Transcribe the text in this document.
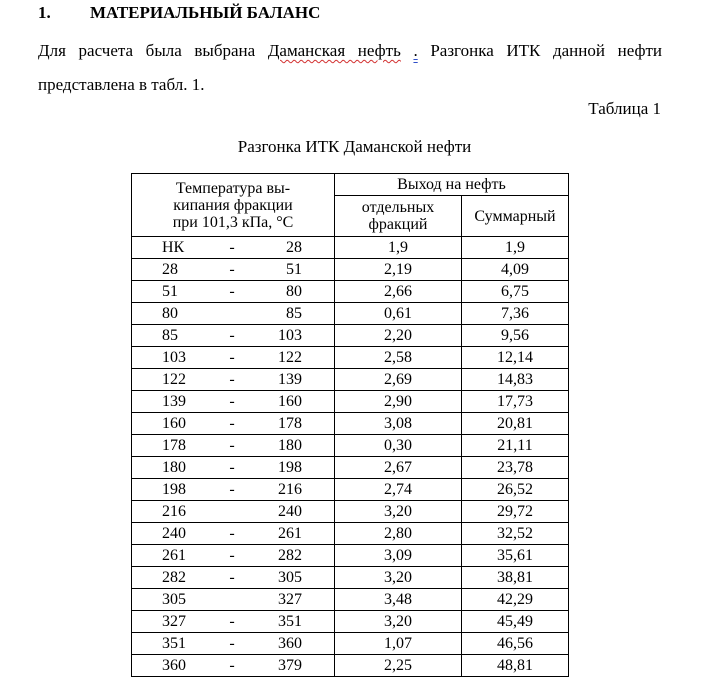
1. МАТЕРИАЛЬНЫЙ БАЛАНС
Для расчета была выбрана Даманская нефть . Разгонка ИТК данной нефти
представлена в табл. 1.
Таблица 1
Разгонка ИТК Даманской нефти
Температура вы-
кипания фракции
при 101,3 кПа, °С	Выход на нефть	

	отдельных
фракций	Суммарный

НК - 28	1,9	1,9

28 - 51	2,19	4,09

51 - 80	2,66	6,75

80 85	0,61	7,36

85 - 103	2,20	9,56

103 - 122	2,58	12,14

122 - 139	2,69	14,83

139 - 160	2,90	17,73

160 - 178	3,08	20,81

178 - 180	0,30	21,11

180 - 198	2,67	23,78

198 - 216	2,74	26,52

216 240	3,20	29,72

240 - 261	2,80	32,52

261 - 282	3,09	35,61

282 - 305	3,20	38,81

305 327	3,48	42,29

327 - 351	3,20	45,49

351 - 360	1,07	46,56

360 - 379	2,25	48,81
